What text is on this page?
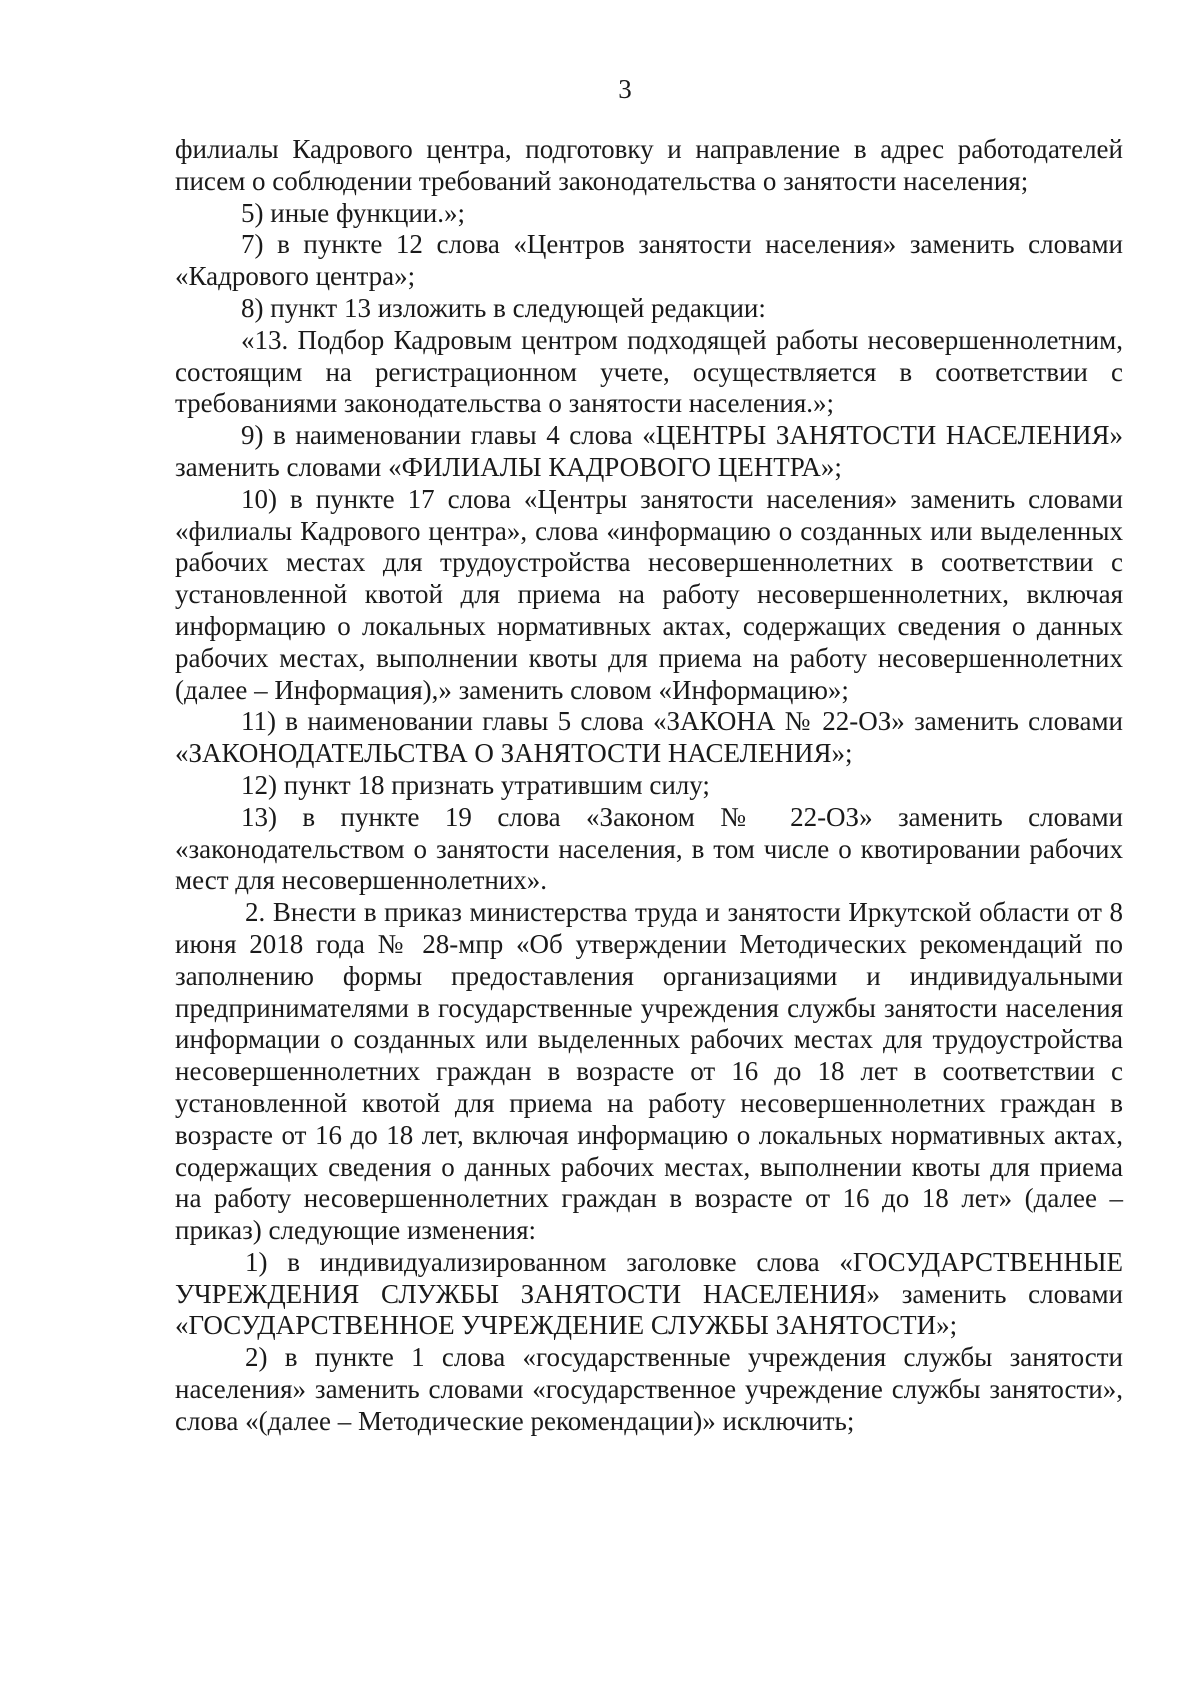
3

филиалы Кадрового центра, подготовку и направление в адрес работодателей писем о соблюдении требований законодательства о занятости населения;

5) иные функции.»;

7) в пункте 12 слова «Центров занятости населения» заменить словами «Кадрового центра»;

8) пункт 13 изложить в следующей редакции:

«13. Подбор Кадровым центром подходящей работы несовершеннолетним, состоящим на регистрационном учете, осуществляется в соответствии с требованиями законодательства о занятости населения.»;

9) в наименовании главы 4 слова «ЦЕНТРЫ ЗАНЯТОСТИ НАСЕЛЕНИЯ» заменить словами «ФИЛИАЛЫ КАДРОВОГО ЦЕНТРА»;

10) в пункте 17 слова «Центры занятости населения» заменить словами «филиалы Кадрового центра», слова «информацию о созданных или выделенных рабочих местах для трудоустройства несовершеннолетних в соответствии с установленной квотой для приема на работу несовершеннолетних, включая информацию о локальных нормативных актах, содержащих сведения о данных рабочих местах, выполнении квоты для приема на работу несовершеннолетних (далее – Информация),» заменить словом «Информацию»;

11) в наименовании главы 5 слова «ЗАКОНА № 22-ОЗ» заменить словами «ЗАКОНОДАТЕЛЬСТВА О ЗАНЯТОСТИ НАСЕЛЕНИЯ»;

12) пункт 18 признать утратившим силу;

13) в пункте 19 слова «Законом № 22-ОЗ» заменить словами «законодательством о занятости населения, в том числе о квотировании рабочих мест для несовершеннолетних».

2. Внести в приказ министерства труда и занятости Иркутской области от 8 июня 2018 года № 28-мпр «Об утверждении Методических рекомендаций по заполнению формы предоставления организациями и индивидуальными предпринимателями в государственные учреждения службы занятости населения информации о созданных или выделенных рабочих местах для трудоустройства несовершеннолетних граждан в возрасте от 16 до 18 лет в соответствии с установленной квотой для приема на работу несовершеннолетних граждан в возрасте от 16 до 18 лет, включая информацию о локальных нормативных актах, содержащих сведения о данных рабочих местах, выполнении квоты для приема на работу несовершеннолетних граждан в возрасте от 16 до 18 лет» (далее – приказ) следующие изменения:

1) в индивидуализированном заголовке слова «ГОСУДАРСТВЕННЫЕ УЧРЕЖДЕНИЯ СЛУЖБЫ ЗАНЯТОСТИ НАСЕЛЕНИЯ» заменить словами «ГОСУДАРСТВЕННОЕ УЧРЕЖДЕНИЕ СЛУЖБЫ ЗАНЯТОСТИ»;

2) в пункте 1 слова «государственные учреждения службы занятости населения» заменить словами «государственное учреждение службы занятости», слова «(далее – Методические рекомендации)» исключить;
